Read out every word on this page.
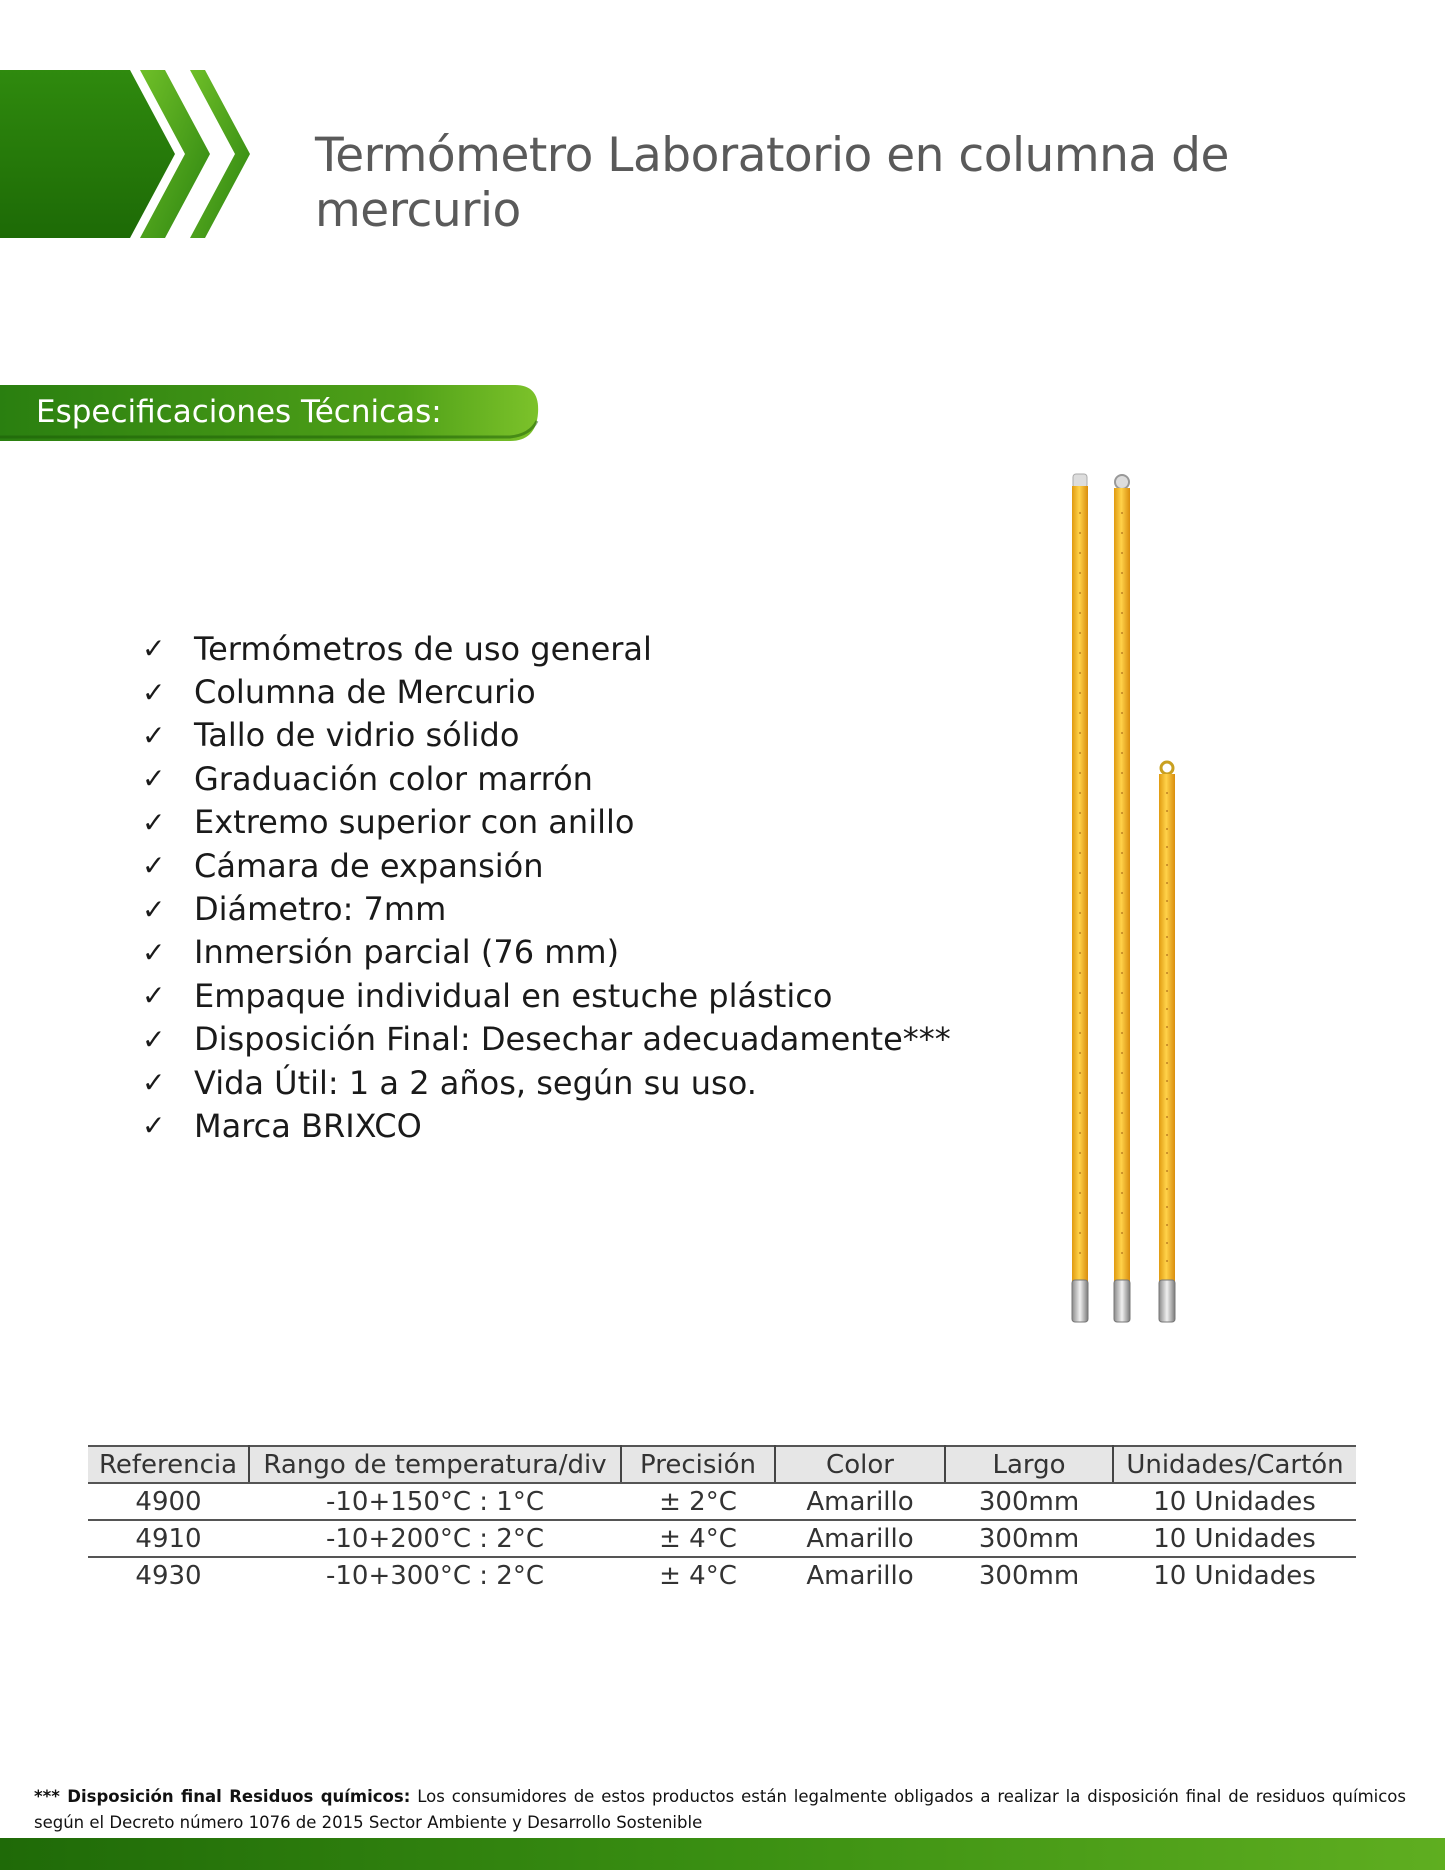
Termómetro Laboratorio en columna de mercurio
Especificaciones Técnicas:
✓ Termómetros de uso general
✓ Columna de Mercurio
✓ Tallo de vidrio sólido
✓ Graduación color marrón
✓ Extremo superior con anillo
✓ Cámara de expansión
✓ Diámetro: 7mm
✓ Inmersión parcial (76 mm)
✓ Empaque individual en estuche plástico
✓ Disposición Final: Desechar adecuadamente***
✓ Vida Útil: 1 a 2 años, según su uso.
✓ Marca BRIXCO
Referencia	Rango de temperatura/div	Precisión	Color	Largo	Unidades/Cartón
4900	-10+150°C : 1°C	± 2°C	Amarillo	300mm	10 Unidades
4910	-10+200°C : 2°C	± 4°C	Amarillo	300mm	10 Unidades
4930	-10+300°C : 2°C	± 4°C	Amarillo	300mm	10 Unidades
*** Disposición final Residuos químicos: Los consumidores de estos productos están legalmente obligados a realizar la disposición final de residuos químicos según el Decreto número 1076 de 2015 Sector Ambiente y Desarrollo Sostenible
